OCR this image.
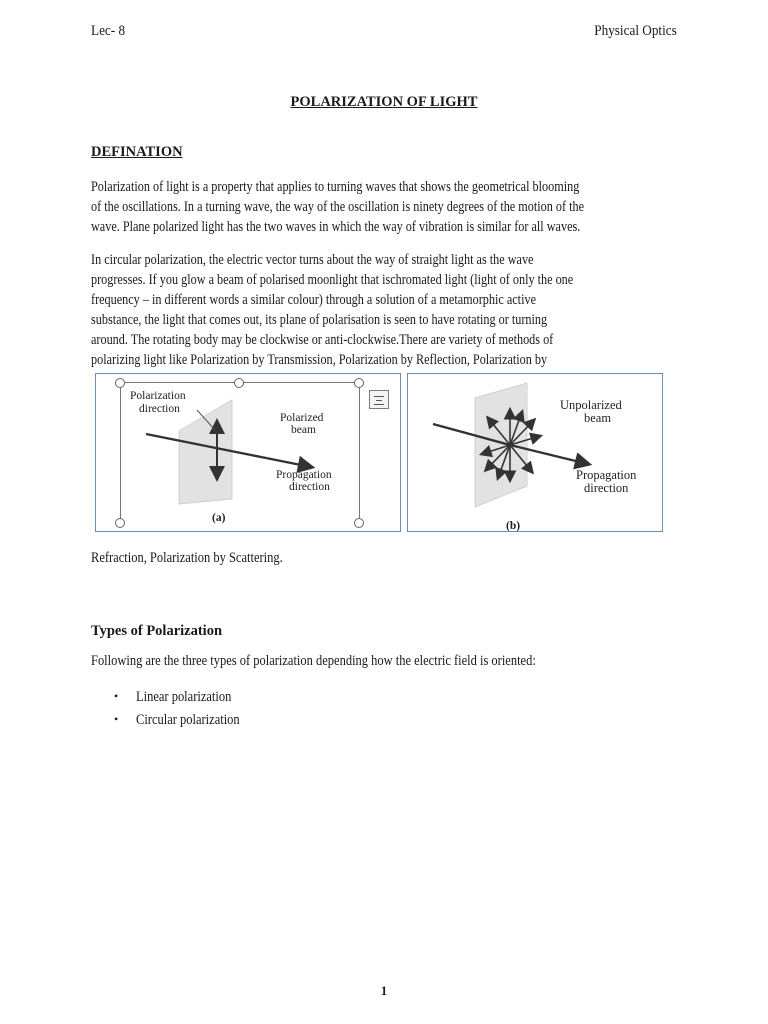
Lec- 8	Physical Optics
POLARIZATION OF LIGHT
DEFINATION
Polarization of light is a property that applies to turning waves that shows the geometrical blooming
of the oscillations. In a turning wave, the way of the oscillation is ninety degrees of the motion of the
wave. Plane polarized light has the two waves in which the way of vibration is similar for all waves.
In circular polarization, the electric vector turns about the way of straight light as the wave
progresses. If you glow a beam of polarised moonlight that ischromated light (light of only the one
frequency – in different words a similar colour) through a solution of a metamorphic active
substance, the light that comes out, its plane of polarisation is seen to have rotating or turning
around. The rotating body may be clockwise or anti-clockwise.There are variety of methods of
polarizing light like Polarization by Transmission, Polarization by Reflection, Polarization by
Polarization
direction
Polarized
beam
Propagation
direction
(a)
Unpolarized
beam
Propagation
direction
(b)
Refraction, Polarization by Scattering.
Types of Polarization
Following are the three types of polarization depending how the electric field is oriented:
• Linear polarization
• Circular polarization
1
